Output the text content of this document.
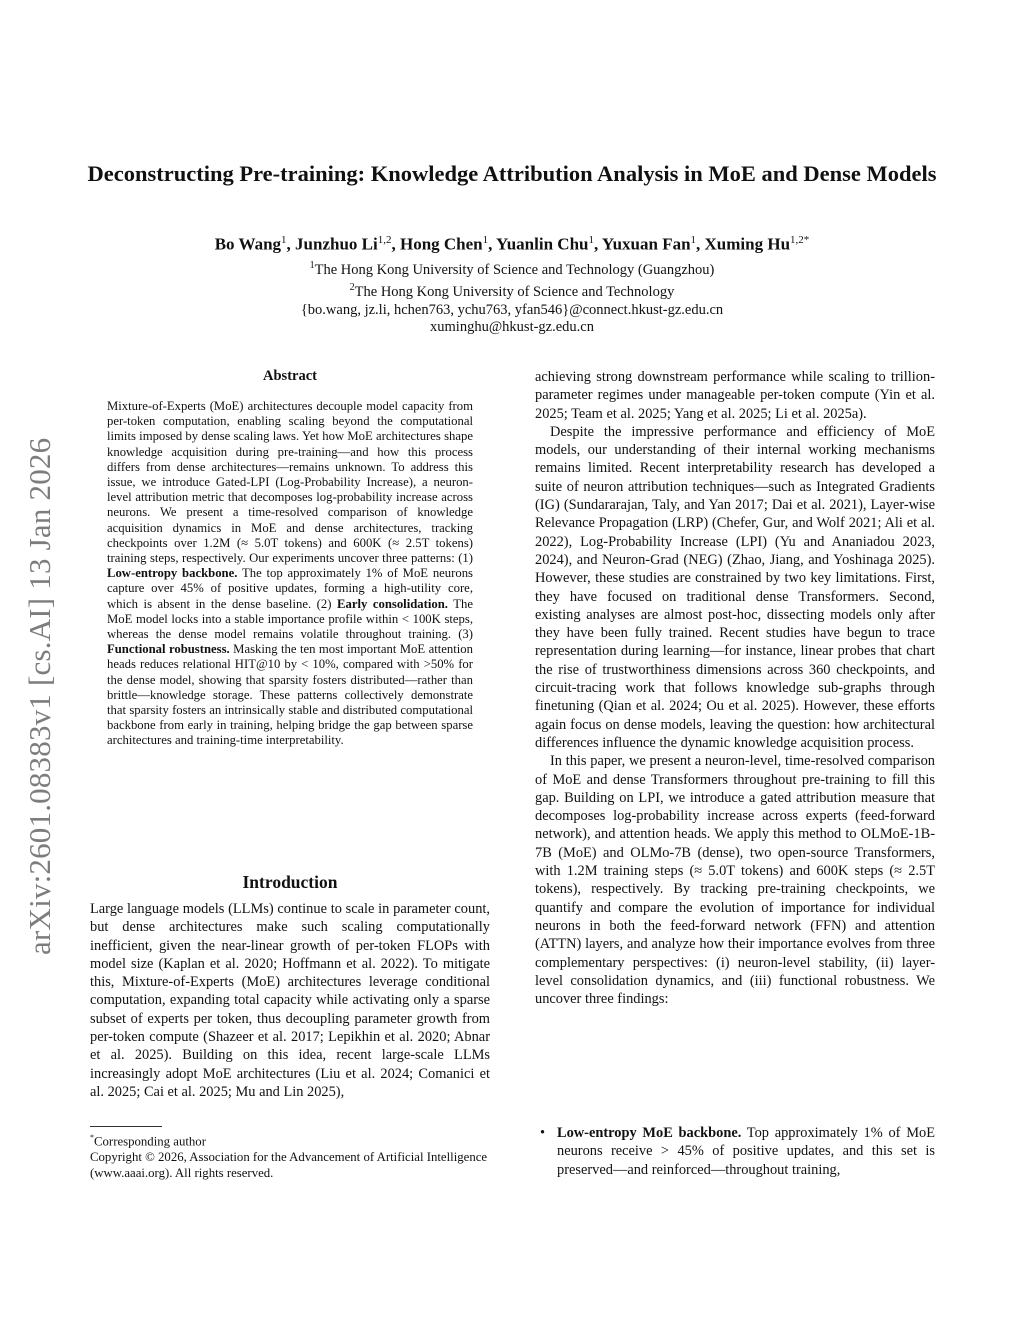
arXiv:2601.08383v1 [cs.AI] 13 Jan 2026
Deconstructing Pre-training: Knowledge Attribution Analysis in MoE and Dense Models
Bo Wang$^1$, Junzhuo Li$^{1,2}$, Hong Chen$^1$, Yuanlin Chu$^1$, Yuxuan Fan$^1$, Xuming $Hu^{1,2*}$
$^1$The Hong Kong University of Science and Technology (Guangzhou)
$^2$The Hong Kong University of Science and Technology
{bo.wang, jz.li, hchen763, ychu763, yfan546}@connect.hkust-gz.edu.cn
xuminghu@hkust-gz.edu.cn
Abstract
Mixture-of-Experts (MoE) architectures decouple model capacity from per-token computation, enabling scaling beyond the computational limits imposed by dense scaling laws. Yet how MoE architectures shape knowledge acquisition during pre-training—and how this process differs from dense architectures—remains unknown. To address this issue, we introduce Gated-LPI (Log-Probability Increase), a neuron-level attribution metric that decomposes log-probability increase across neurons. We present a time-resolved comparison of knowledge acquisition dynamics in MoE and dense architectures, tracking checkpoints over 1.2M (≈ 5.0T tokens) and 600K (≈ 2.5T tokens) training steps, respectively. Our experiments uncover three patterns: (1) Low-entropy backbone. The top approximately 1% of MoE neurons capture over 45% of positive updates, forming a high-utility core, which is absent in the dense baseline. (2) Early consolidation. The MoE model locks into a stable importance profile within < 100K steps, whereas the dense model remains volatile throughout training. (3) Functional robustness. Masking the ten most important MoE attention heads reduces relational HIT@10 by < 10%, compared with >50% for the dense model, showing that sparsity fosters distributed—rather than brittle—knowledge storage. These patterns collectively demonstrate that sparsity fosters an intrinsically stable and distributed computational backbone from early in training, helping bridge the gap between sparse architectures and training-time interpretability.
Introduction
Large language models (LLMs) continue to scale in parameter count, but dense architectures make such scaling computationally inefficient, given the near-linear growth of per-token FLOPs with model size (Kaplan et al. 2020; Hoffmann et al. 2022). To mitigate this, Mixture-of-Experts (MoE) architectures leverage conditional computation, expanding total capacity while activating only a sparse subset of experts per token, thus decoupling parameter growth from per-token compute (Shazeer et al. 2017; Lepikhin et al. 2020; Abnar et al. 2025). Building on this idea, recent large-scale LLMs increasingly adopt MoE architectures (Liu et al. 2024; Comanici et al. 2025; Cai et al. 2025; Mu and Lin 2025),
*Corresponding author
Copyright © 2026, Association for the Advancement of Artificial Intelligence (www.aaai.org). All rights reserved.

achieving strong downstream performance while scaling to trillion-parameter regimes under manageable per-token compute (Yin et al. 2025; Team et al. 2025; Yang et al. 2025; Li et al. 2025a).

Despite the impressive performance and efficiency of MoE models, our understanding of their internal working mechanisms remains limited. Recent interpretability research has developed a suite of neuron attribution techniques—such as Integrated Gradients (IG) (Sundararajan, Taly, and Yan 2017; Dai et al. 2021), Layer-wise Relevance Propagation (LRP) (Chefer, Gur, and Wolf 2021; Ali et al. 2022), Log-Probability Increase (LPI) (Yu and Ananiadou 2023, 2024), and Neuron-Grad (NEG) (Zhao, Jiang, and Yoshinaga 2025). However, these studies are constrained by two key limitations. First, they have focused on traditional dense Transformers. Second, existing analyses are almost post-hoc, dissecting models only after they have been fully trained. Recent studies have begun to trace representation during learning—for instance, linear probes that chart the rise of trustworthiness dimensions across 360 checkpoints, and circuit-tracing work that follows knowledge sub-graphs through finetuning (Qian et al. 2024; Ou et al. 2025). However, these efforts again focus on dense models, leaving the question: how architectural differences influence the dynamic knowledge acquisition process.

In this paper, we present a neuron-level, time-resolved comparison of MoE and dense Transformers throughout pre-training to fill this gap. Building on LPI, we introduce a gated attribution measure that decomposes log-probability increase across experts (feed-forward network), and attention heads. We apply this method to OLMoE-1B-7B (MoE) and OLMo-7B (dense), two open-source Transformers, with 1.2M training steps (≈ 5.0T tokens) and 600K steps (≈ 2.5T tokens), respectively. By tracking pre-training checkpoints, we quantify and compare the evolution of importance for individual neurons in both the feed-forward network (FFN) and attention (ATTN) layers, and analyze how their importance evolves from three complementary perspectives: (i) neuron-level stability, (ii) layer-level consolidation dynamics, and (iii) functional robustness. We uncover three findings:

• Low-entropy MoE backbone. Top approximately 1% of MoE neurons receive > 45% of positive updates, and this set is preserved—and reinforced—throughout training,
